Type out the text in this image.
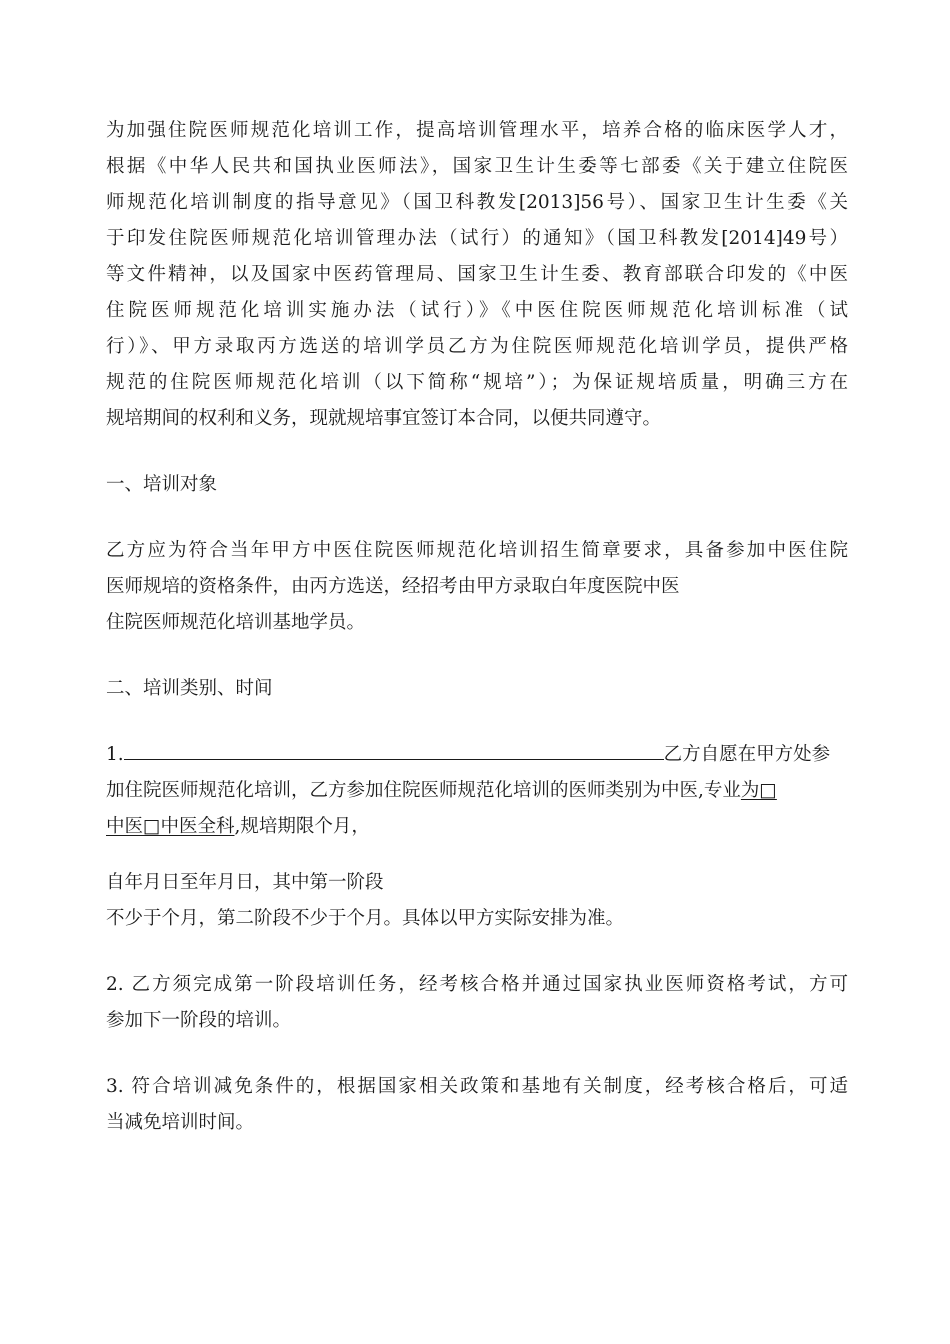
为加强住院医师规范化培训工作，提高培训管理水平，培养合格的临床医学人才，
根据《中华人民共和国执业医师法》，国家卫生计生委等七部委《关于建立住院医
师规范化培训制度的指导意见》（国卫科教发[2013]56号）、国家卫生计生委《关
于印发住院医师规范化培训管理办法（试行）的通知》（国卫科教发[2014]49号）
等文件精神，以及国家中医药管理局、国家卫生计生委、教育部联合印发的《中医
住院医师规范化培训实施办法（试行）》《中医住院医师规范化培训标准（试
行）》、甲方录取丙方选送的培训学员乙方为住院医师规范化培训学员，提供严格
规范的住院医师规范化培训（以下简称“规培”）；为保证规培质量，明确三方在
规培期间的权利和义务，现就规培事宜签订本合同，以便共同遵守。
一、培训对象
乙方应为符合当年甲方中医住院医师规范化培训招生简章要求，具备参加中医住院
医师规培的资格条件，由丙方选送，经招考由甲方录取白年度医院中医
住院医师规范化培训基地学员。
二、培训类别、时间
1.	乙方自愿在甲方处参
加住院医师规范化培训，乙方参加住院医师规范化培训的医师类别为中医,专业为□
中医□中医全科,规培期限个月，
自年月日至年月日，其中第一阶段
不少于个月，第二阶段不少于个月。具体以甲方实际安排为准。
2. 乙方须完成第一阶段培训任务，经考核合格并通过国家执业医师资格考试，方可
参加下一阶段的培训。
3. 符合培训减免条件的，根据国家相关政策和基地有关制度，经考核合格后，可适
当减免培训时间。
